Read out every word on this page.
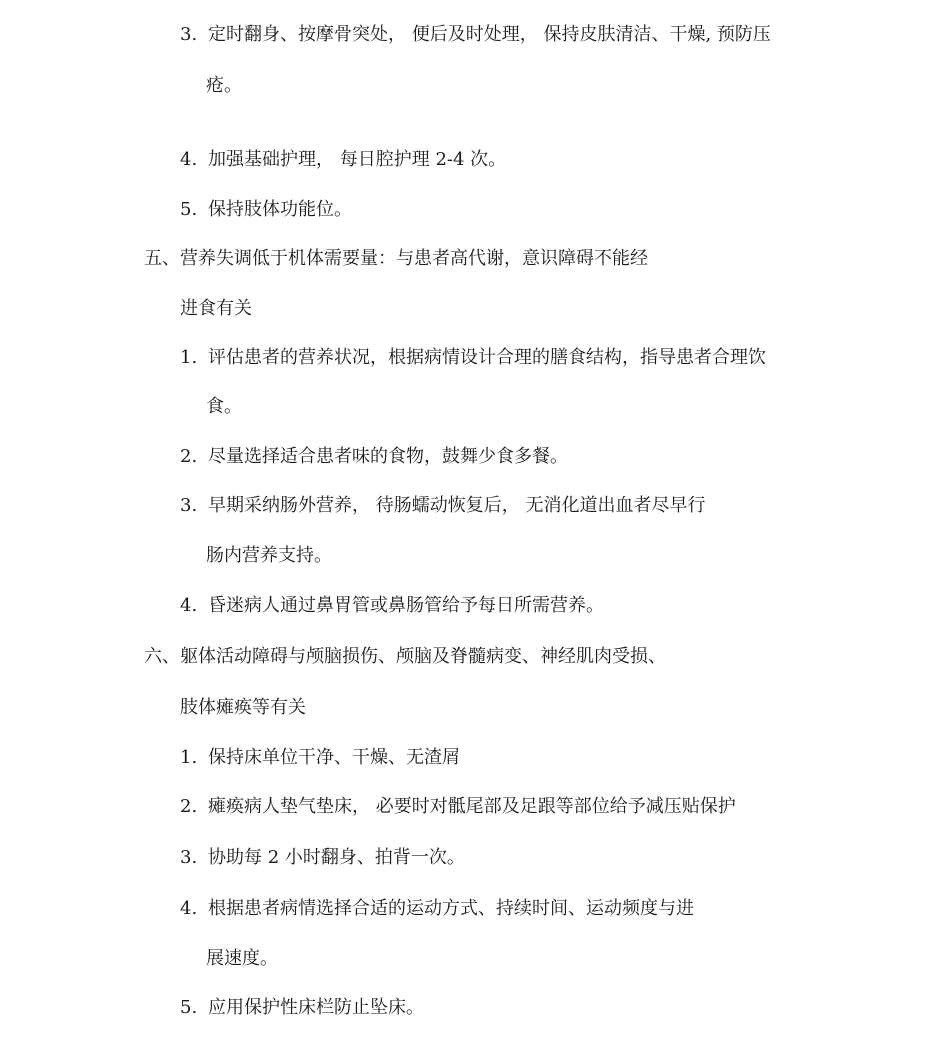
3. 定时翻身、按摩骨突处， 便后及时处理， 保持皮肤清洁、干燥, 预防压
疮。
4. 加强基础护理， 每日腔护理 2-4 次。
5. 保持肢体功能位。
五、营养失调低于机体需要量：与患者高代谢，意识障碍不能经
进食有关
1. 评估患者的营养状况，根据病情设计合理的膳食结构，指导患者合理饮
食。
2. 尽量选择适合患者味的食物，鼓舞少食多餐。
3. 早期采纳肠外营养， 待肠蠕动恢复后， 无消化道出血者尽早行
肠内营养支持。
4. 昏迷病人通过鼻胃管或鼻肠管给予每日所需营养。
六、躯体活动障碍与颅脑损伤、颅脑及脊髓病变、神经肌肉受损、
肢体瘫痪等有关
1. 保持床单位干净、干燥、无渣屑
2. 瘫痪病人垫气垫床， 必要时对骶尾部及足跟等部位给予减压贴保护
3. 协助每 2 小时翻身、拍背一次。
4. 根据患者病情选择合适的运动方式、持续时间、运动频度与进
展速度。
5. 应用保护性床栏防止坠床。
